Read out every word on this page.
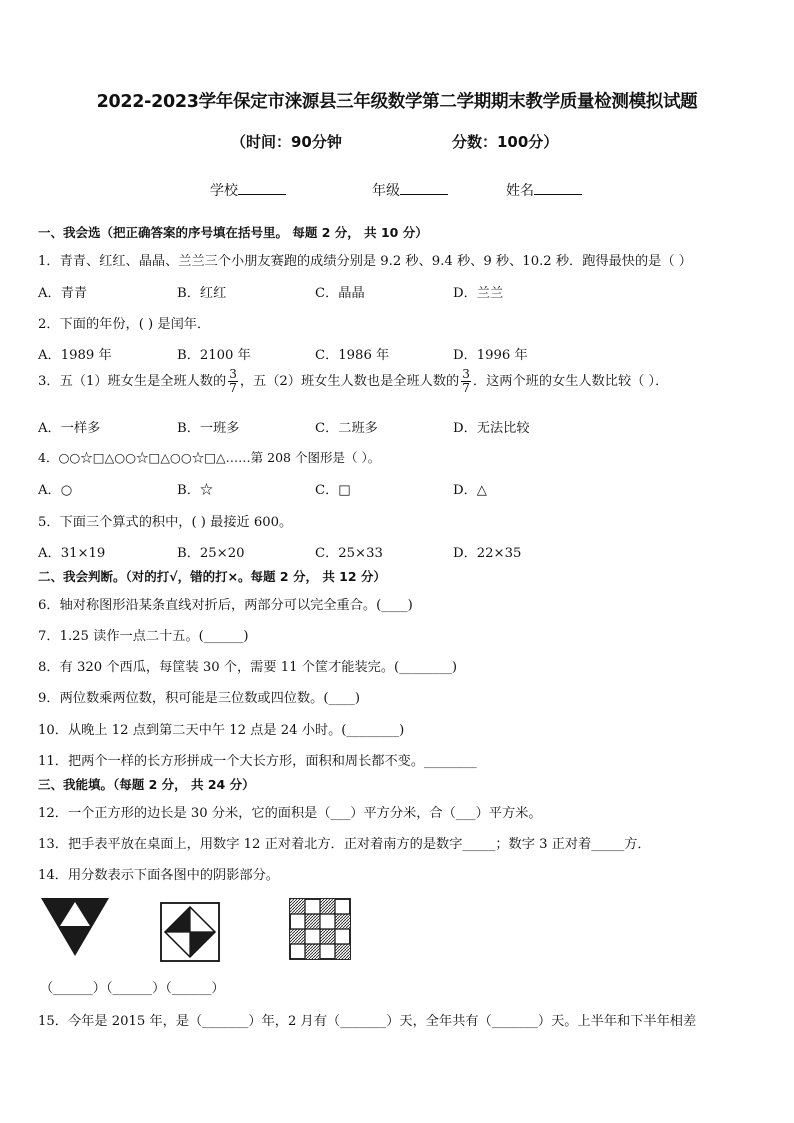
2022-2023学年保定市涞源县三年级数学第二学期期末教学质量检测模拟试题
（时间：90分钟	分数：100分）
学校	年级	姓名
一、我会选（把正确答案的序号填在括号里。 每题 2 分， 共 10 分）
1．青青、红红、晶晶、兰兰三个小朋友赛跑的成绩分别是 9.2 秒、9.4 秒、9 秒、10.2 秒．跑得最快的是（ ）
A．青青	B．红红	C．晶晶	D．兰兰
2．下面的年份，( ) 是闰年．
A．1989 年	B．2100 年	C．1986 年	D．1996 年
3．五（1）班女生是全班人数的 $\frac{3}{7}$ ，五（2）班女生人数也是全班人数的 $\frac{3}{7}$ ．这两个班的女生人数比较（ ）．
A．一样多	B．一班多	C．二班多	D．无法比较
4．○○☆□△○○☆□△○○☆□△……第 208 个图形是（ ）。
A．○	B．☆	C．□	D．△
5．下面三个算式的积中，( ) 最接近 600。
A．31×19	B．25×20	C．25×33	D．22×35
二、我会判断。（对的打√，错的打×。每题 2 分， 共 12 分）
6．轴对称图形沿某条直线对折后，两部分可以完全重合。(____)
7．1.25 读作一点二十五。(______)
8．有 320 个西瓜，每筐装 30 个，需要 11 个筐才能装完。(________)
9．两位数乘两位数，积可能是三位数或四位数。(____)
10．从晚上 12 点到第二天中午 12 点是 24 小时。(________)
11．把两个一样的长方形拼成一个大长方形，面积和周长都不变。________
三、我能填。（每题 2 分， 共 24 分）
12．一个正方形的边长是 30 分米，它的面积是（___）平方分米，合（___）平方米。
13．把手表平放在桌面上，用数字 12 正对着北方．正对着南方的是数字_____；数字 3 正对着_____方．
14．用分数表示下面各图中的阴影部分。
（______）（______）（______）
15．今年是 2015 年，是（_______）年，2 月有（_______）天，全年共有（_______）天。上半年和下半年相差
